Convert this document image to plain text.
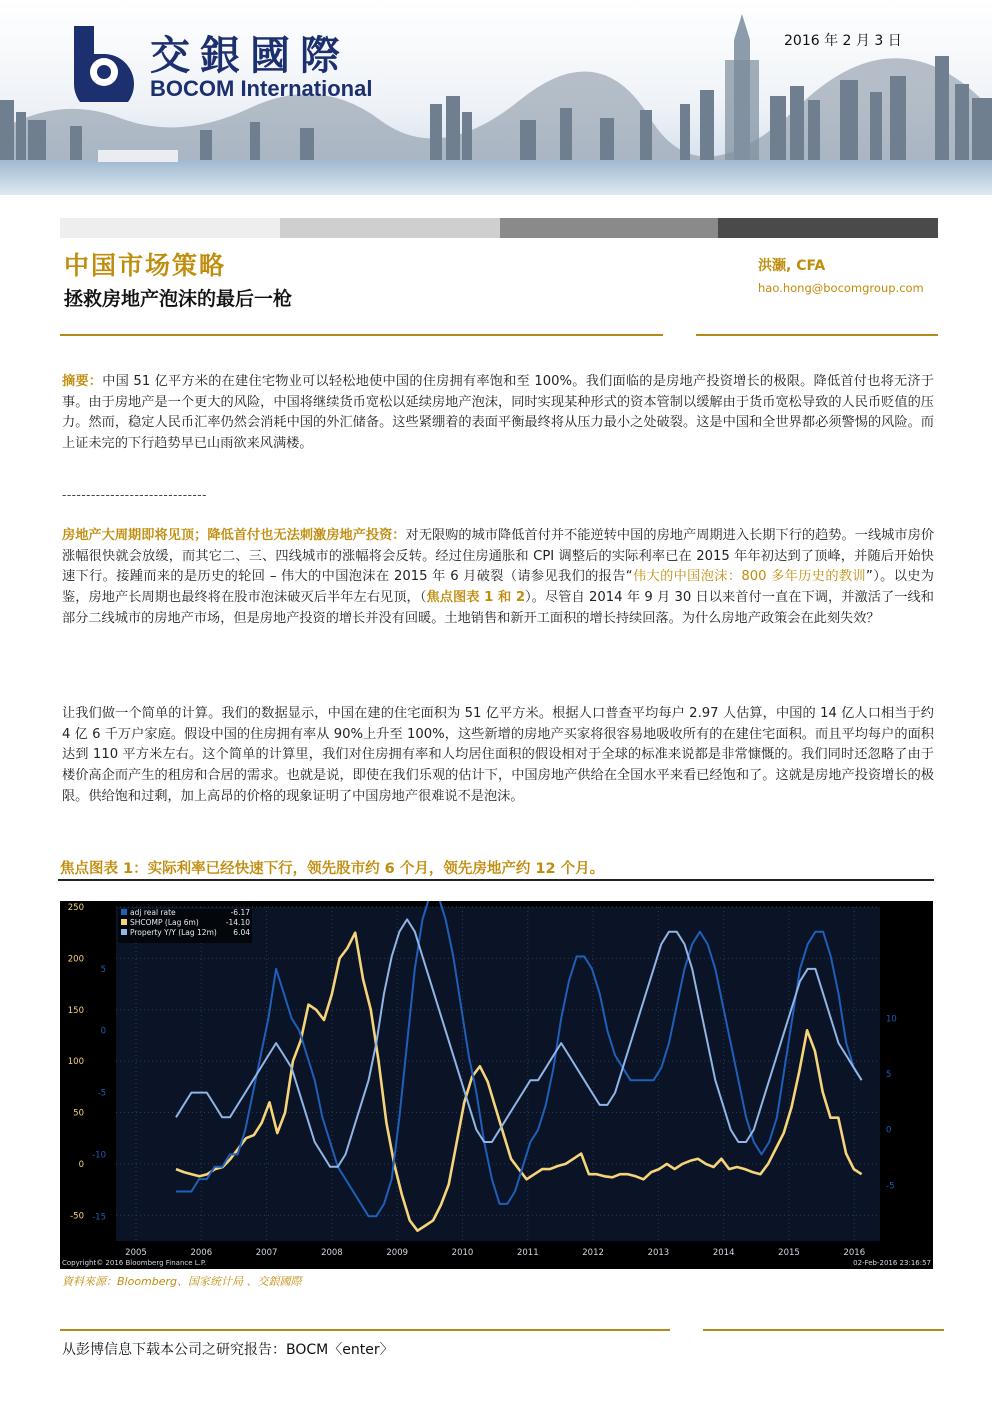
交銀國際
BOCOM International
2016 年 2 月 3 日
中国市场策略
拯救房地产泡沫的最后一枪
洪灏, CFA
hao.hong@bocomgroup.com
摘要：中国 51 亿平方米的在建住宅物业可以轻松地使中国的住房拥有率饱和至 100%。我们面临的是房地产投资增长的极限。降低首付也将无济于事。由于房地产是一个更大的风险，中国将继续货币宽松以延续房地产泡沫，同时实现某种形式的资本管制以缓解由于货币宽松导致的人民币贬值的压力。然而，稳定人民币汇率仍然会消耗中国的外汇储备。这些紧绷着的表面平衡最终将从压力最小之处破裂。这是中国和全世界都必须警惕的风险。而上证未完的下行趋势早已山雨欲来风满楼。
------------------------------
房地产大周期即将见顶；降低首付也无法刺激房地产投资：对无限购的城市降低首付并不能逆转中国的房地产周期进入长期下行的趋势。一线城市房价涨幅很快就会放缓，而其它二、三、四线城市的涨幅将会反转。经过住房通胀和 CPI 调整后的实际利率已在 2015 年年初达到了顶峰，并随后开始快速下行。接踵而来的是历史的轮回 – 伟大的中国泡沫在 2015 年 6 月破裂（请参见我们的报告“伟大的中国泡沫：800 多年历史的教训”）。以史为鉴，房地产长周期也最终将在股市泡沫破灭后半年左右见顶，（焦点图表 1 和 2）。尽管自 2014 年 9 月 30 日以来首付一直在下调，并激活了一线和部分二线城市的房地产市场，但是房地产投资的增长并没有回暖。土地销售和新开工面积的增长持续回落。为什么房地产政策会在此刻失效？
让我们做一个简单的计算。我们的数据显示，中国在建的住宅面积为 51 亿平方米。根据人口普查平均每户 2.97 人估算，中国的 14 亿人口相当于约 4 亿 6 千万户家庭。假设中国的住房拥有率从 90%上升至 100%，这些新增的房地产买家将很容易地吸收所有的在建住宅面积。而且平均每户的面积达到 110 平方米左右。这个简单的计算里，我们对住房拥有率和人均居住面积的假设相对于全球的标准来说都是非常慷慨的。我们同时还忽略了由于楼价高企而产生的租房和合居的需求。也就是说，即使在我们乐观的估计下，中国房地产供给在全国水平来看已经饱和了。这就是房地产投资增长的极限。供给饱和过剩，加上高昂的价格的现象证明了中国房地产很难说不是泡沫。
焦点图表 1：实际利率已经快速下行，领先股市约 6 个月，领先房地产约 12 个月。
2005	2006	2007	2008	2009	2010	2011	2012	2013	2014	2015	2016
250
200
150
100
50
0
-50
5
0
-5
-10
-15
10
5
0
-5
adj real rate	-6.17
SHCOMP (Lag 6m)	-14.10
Property Y/Y (Lag 12m) 6.04
Copyright© 2016 Bloomberg Finance L.P.	02-Feb-2016 23:16:57
資料來源：Bloomberg、国家统计局 、交銀國際
从彭博信息下载本公司之研究报告：BOCM〈enter〉
